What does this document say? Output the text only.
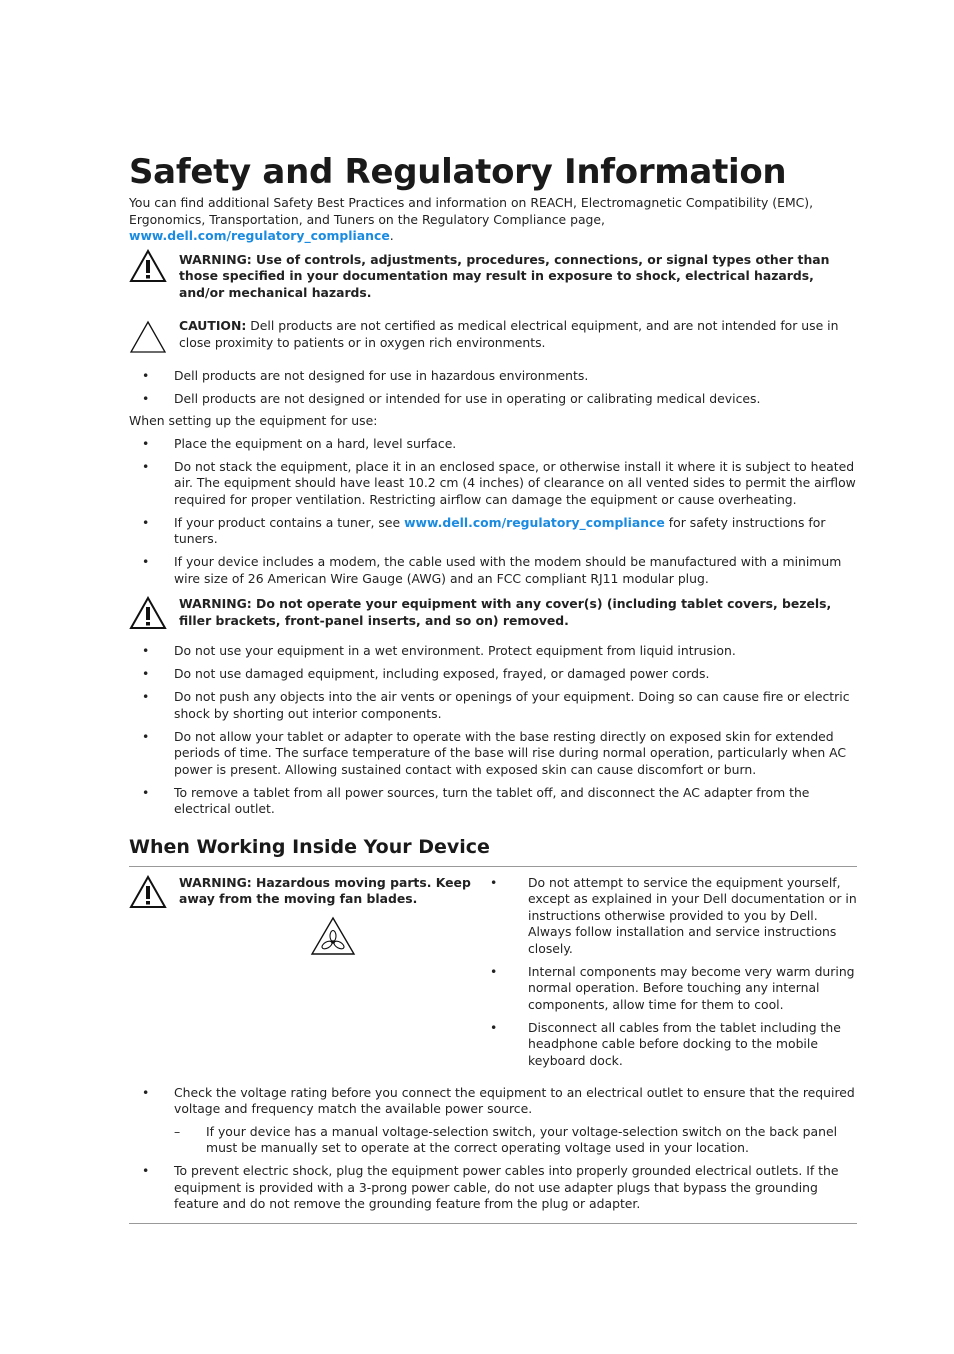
Safety and Regulatory Information

You can find additional Safety Best Practices and information on REACH, Electromagnetic Compatibility (EMC), Ergonomics, Transportation, and Tuners on the Regulatory Compliance page, www.dell.com/regulatory_compliance.

WARNING: Use of controls, adjustments, procedures, connections, or signal types other than those specified in your documentation may result in exposure to shock, electrical hazards, and/or mechanical hazards.
CAUTION: Dell products are not certified as medical electrical equipment, and are not intended for use in close proximity to patients or in oxygen rich environments.
• Dell products are not designed for use in hazardous environments.
• Dell products are not designed or intended for use in operating or calibrating medical devices.

When setting up the equipment for use:

• Place the equipment on a hard, level surface.
• Do not stack the equipment, place it in an enclosed space, or otherwise install it where it is subject to heated air. The equipment should have least 10.2 cm (4 inches) of clearance on all vented sides to permit the airflow required for proper ventilation. Restricting airflow can damage the equipment or cause overheating.
• If your product contains a tuner, see www.dell.com/regulatory_compliance for safety instructions for tuners.
• If your device includes a modem, the cable used with the modem should be manufactured with a minimum wire size of 26 American Wire Gauge (AWG) and an FCC compliant RJ11 modular plug.
WARNING: Do not operate your equipment with any cover(s) (including tablet covers, bezels, filler brackets, front-panel inserts, and so on) removed.
• Do not use your equipment in a wet environment. Protect equipment from liquid intrusion.
• Do not use damaged equipment, including exposed, frayed, or damaged power cords.
• Do not push any objects into the air vents or openings of your equipment. Doing so can cause fire or electric shock by shorting out interior components.
• Do not allow your tablet or adapter to operate with the base resting directly on exposed skin for extended periods of time. The surface temperature of the base will rise during normal operation, particularly when AC power is present. Allowing sustained contact with exposed skin can cause discomfort or burn.
• To remove a tablet from all power sources, turn the tablet off, and disconnect the AC adapter from the electrical outlet.
When Working Inside Your Device
WARNING: Hazardous moving parts. Keep away from the moving fan blades.
• Do not attempt to service the equipment yourself, except as explained in your Dell documentation or in instructions otherwise provided to you by Dell. Always follow installation and service instructions closely.
• Internal components may become very warm during normal operation. Before touching any internal components, allow time for them to cool.
• Disconnect all cables from the tablet including the headphone cable before docking to the mobile keyboard dock.
• Check the voltage rating before you connect the equipment to an electrical outlet to ensure that the required voltage and frequency match the available power source.
– If your device has a manual voltage-selection switch, your voltage-selection switch on the back panel must be manually set to operate at the correct operating voltage used in your location.
• To prevent electric shock, plug the equipment power cables into properly grounded electrical outlets. If the equipment is provided with a 3-prong power cable, do not use adapter plugs that bypass the grounding feature and do not remove the grounding feature from the plug or adapter.
